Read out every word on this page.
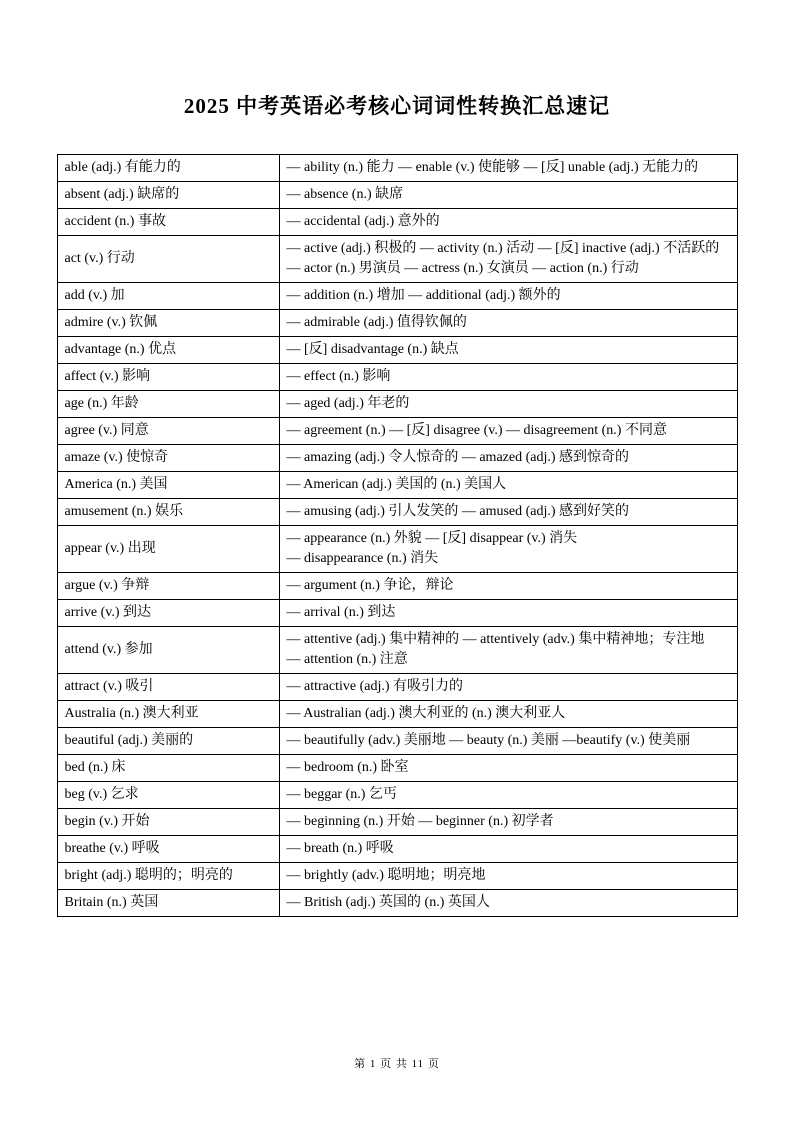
2025 中考英语必考核心词词性转换汇总速记
able (adj.) 有能力的	— ability (n.) 能力 — enable (v.) 使能够 — [反] unable (adj.) 无能力的

absent (adj.) 缺席的	— absence (n.) 缺席

accident (n.) 事故	— accidental (adj.) 意外的

act (v.) 行动	— active (adj.) 积极的 — activity (n.) 活动 — [反] inactive (adj.) 不活跃的
— actor (n.) 男演员 — actress (n.) 女演员 — action (n.) 行动

add (v.) 加	— addition (n.) 增加 — additional (adj.) 额外的

admire (v.) 钦佩	— admirable (adj.) 值得钦佩的

advantage (n.) 优点	— [反] disadvantage (n.) 缺点

affect (v.) 影响	— effect (n.) 影响

age (n.) 年龄	— aged (adj.) 年老的

agree (v.) 同意	— agreement (n.) — [反] disagree (v.) — disagreement (n.) 不同意

amaze (v.) 使惊奇	— amazing (adj.) 令人惊奇的 — amazed (adj.) 感到惊奇的

America (n.) 美国	— American (adj.) 美国的 (n.) 美国人

amusement (n.) 娱乐	— amusing (adj.) 引人发笑的 — amused (adj.) 感到好笑的

appear (v.) 出现	— appearance (n.) 外貌 — [反] disappear (v.) 消失
— disappearance (n.) 消失

argue (v.) 争辩	— argument (n.) 争论，辩论

arrive (v.) 到达	— arrival (n.) 到达

attend (v.) 参加	— attentive (adj.) 集中精神的 — attentively (adv.) 集中精神地；专注地
— attention (n.) 注意

attract (v.) 吸引	— attractive (adj.) 有吸引力的

Australia (n.) 澳大利亚	— Australian (adj.) 澳大利亚的 (n.) 澳大利亚人

beautiful (adj.) 美丽的	— beautifully (adv.) 美丽地 — beauty (n.) 美丽 —beautify (v.) 使美丽

bed (n.) 床	— bedroom (n.) 卧室

beg (v.) 乞求	— beggar (n.) 乞丐

begin (v.) 开始	— beginning (n.) 开始 — beginner (n.) 初学者

breathe (v.) 呼吸	— breath (n.) 呼吸

bright (adj.) 聪明的；明亮的	— brightly (adv.) 聪明地；明亮地

Britain (n.) 英国	— British (adj.) 英国的 (n.) 英国人
第 1 页 共 11 页
